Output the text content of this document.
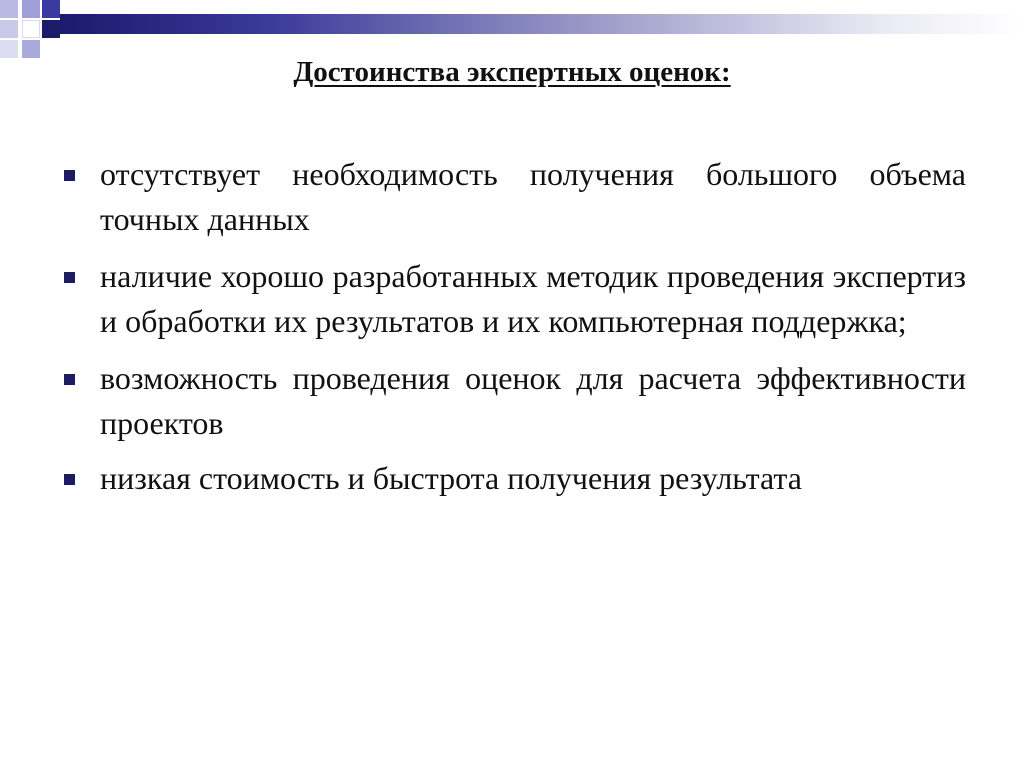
Достоинства экспертных оценок:
отсутствует необходимость получения большого объема точных данных
наличие хорошо разработанных методик проведения экспертиз и обработки их результатов и их компьютерная поддержка;
возможность проведения оценок для расчета эффективности проектов
низкая стоимость и быстрота получения результата
